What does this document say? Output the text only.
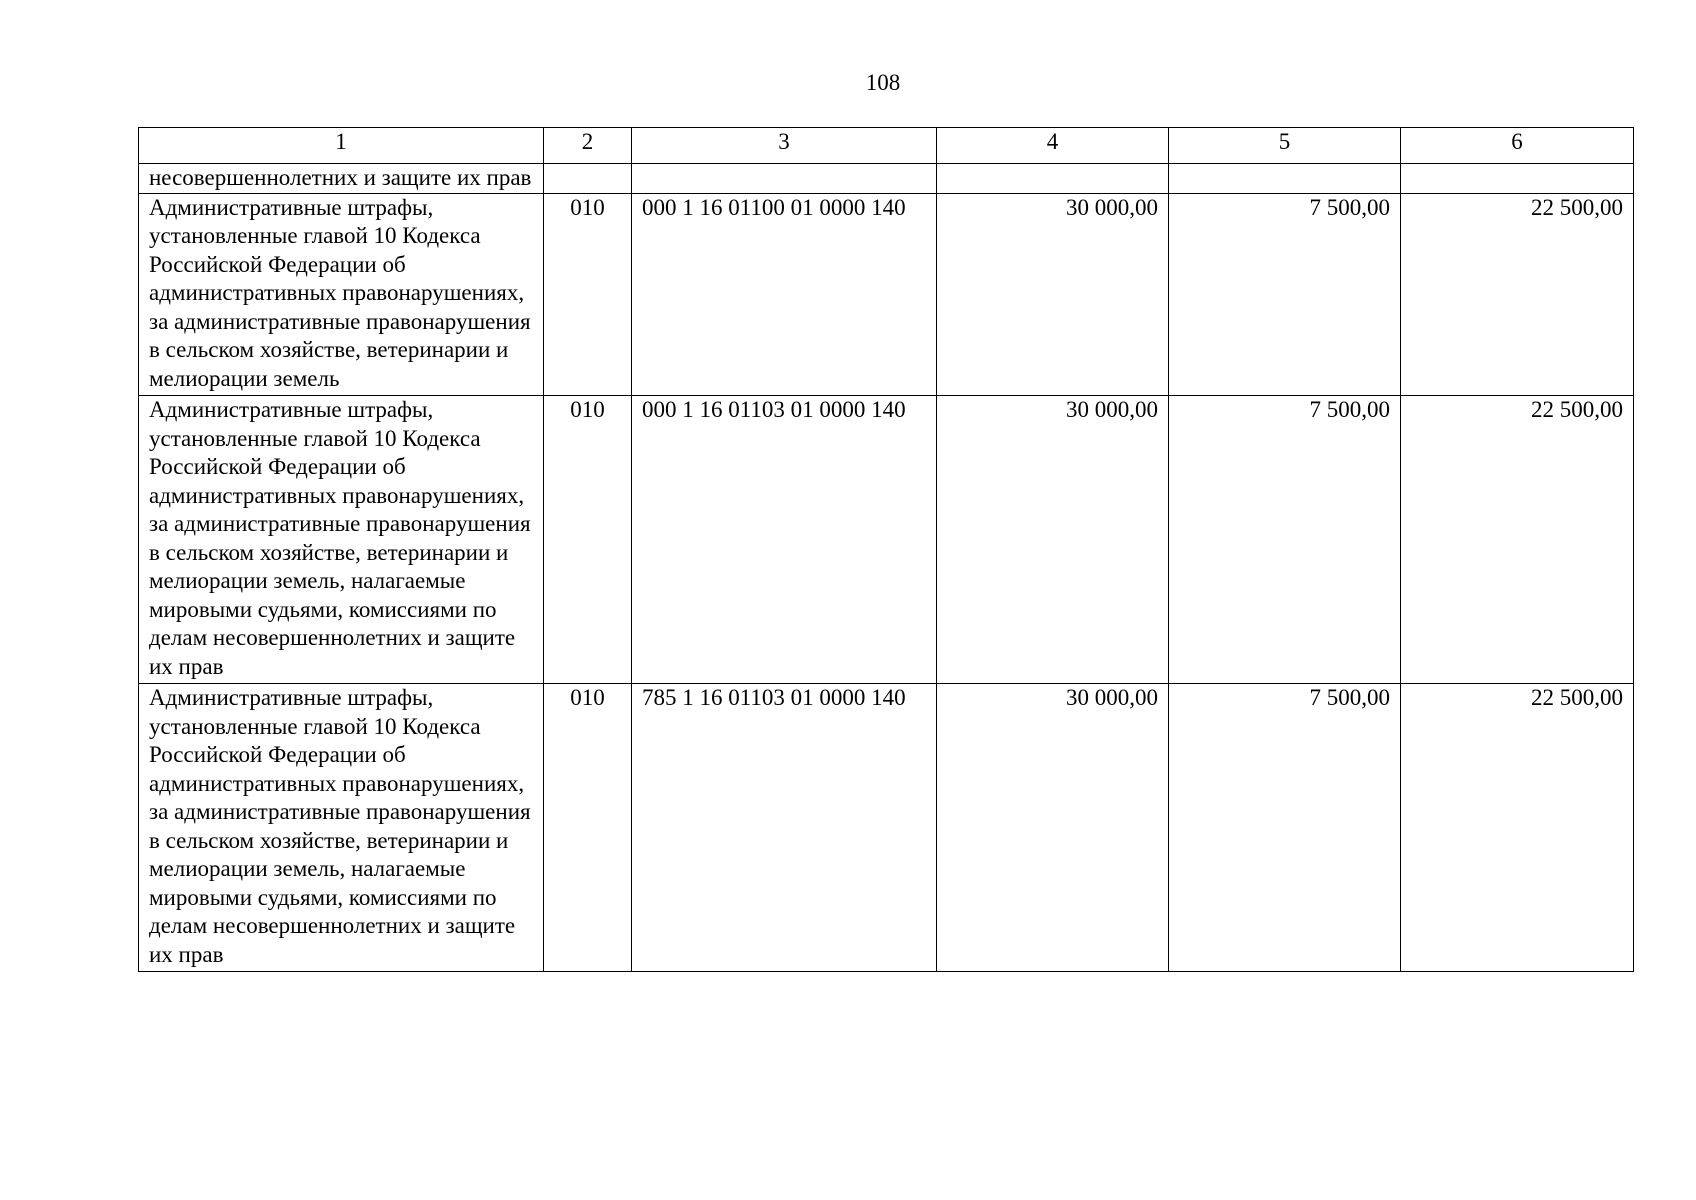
108
1	2	3	4	5	6
несовершеннолетних и защите их прав					
Административные штрафы, установленные главой 10 Кодекса Российской Федерации об административных правонарушениях, за административные правонарушения в сельском хозяйстве, ветеринарии и мелиорации земель	010	000 1 16 01100 01 0000 140	30 000,00	7 500,00	22 500,00
Административные штрафы, установленные главой 10 Кодекса Российской Федерации об административных правонарушениях, за административные правонарушения в сельском хозяйстве, ветеринарии и мелиорации земель, налагаемые мировыми судьями, комиссиями по делам несовершеннолетних и защите их прав	010	000 1 16 01103 01 0000 140	30 000,00	7 500,00	22 500,00
Административные штрафы, установленные главой 10 Кодекса Российской Федерации об административных правонарушениях, за административные правонарушения в сельском хозяйстве, ветеринарии и мелиорации земель, налагаемые мировыми судьями, комиссиями по делам несовершеннолетних и защите их прав	010	785 1 16 01103 01 0000 140	30 000,00	7 500,00	22 500,00
